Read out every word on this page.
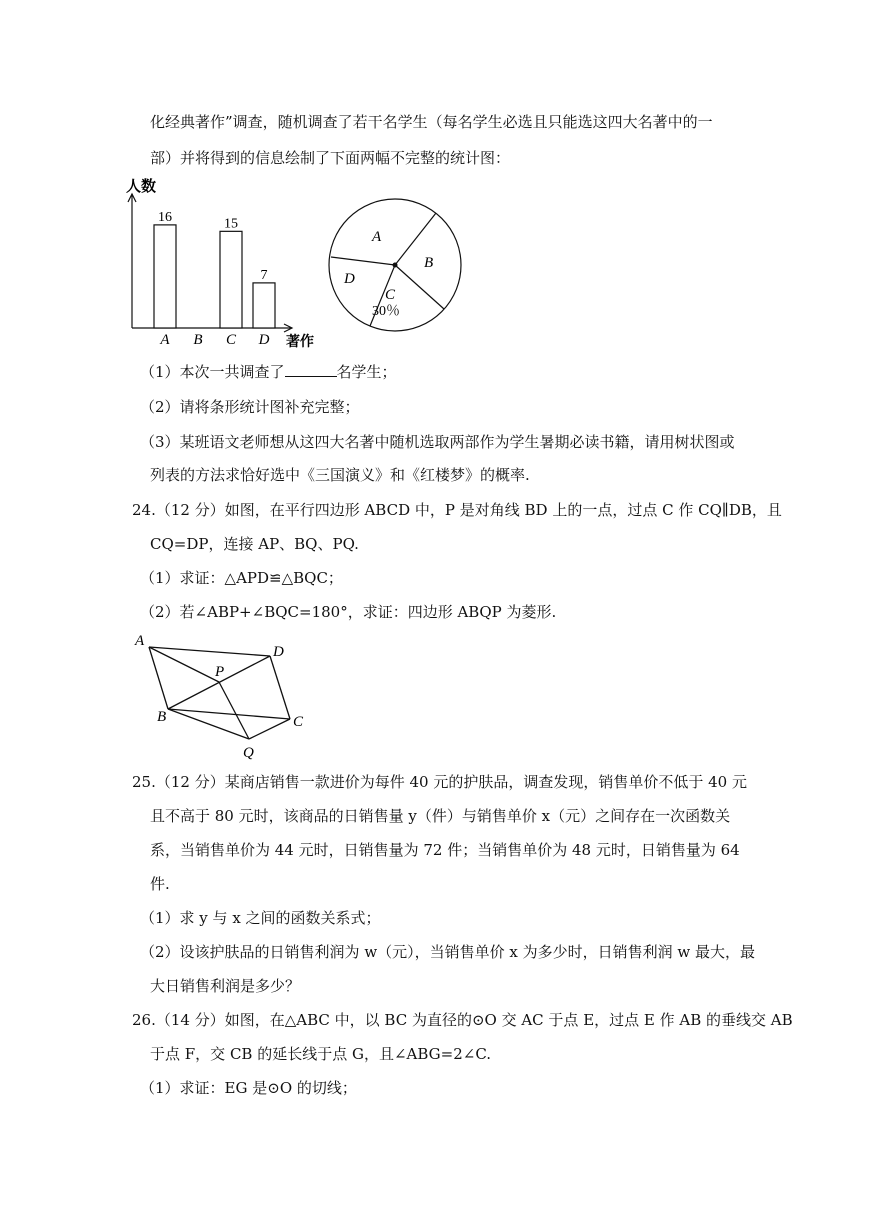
化经典著作”调查，随机调查了若干名学生（每名学生必选且只能选这四大名著中的一
部）并将得到的信息绘制了下面两幅不完整的统计图：
16
A B
15
C
7
D
人数
著作
A
B
C
30％
D
（1）本次一共调查了	名学生；
（2）请将条形统计图补充完整；
（3）某班语文老师想从这四大名著中随机选取两部作为学生暑期必读书籍，请用树状图或
列表的方法求恰好选中《三国演义》和《红楼梦》的概率.
24.（12 分）如图，在平行四边形 ABCD 中，P 是对角线 BD 上的一点，过点 C 作 CQ∥DB，且
CQ=DP，连接 AP、BQ、PQ.
（1）求证：△APD≌△BQC；
（2）若∠ABP+∠BQC=180°，求证：四边形 ABQP 为菱形.
A
D
P
B	C
Q
25.（12 分）某商店销售一款进价为每件 40 元的护肤品，调查发现，销售单价不低于 40 元
且不高于 80 元时，该商品的日销售量 y（件）与销售单价 x（元）之间存在一次函数关
系，当销售单价为 44 元时，日销售量为 72 件；当销售单价为 48 元时，日销售量为 64
件.
（1）求 y 与 x 之间的函数关系式；
（2）设该护肤品的日销售利润为 w（元），当销售单价 x 为多少时，日销售利润 w 最大，最
大日销售利润是多少？
26.（14 分）如图，在△ABC 中，以 BC 为直径的⊙O 交 AC 于点 E，过点 E 作 AB 的垂线交 AB
于点 F，交 CB 的延长线于点 G，且∠ABG=2∠C.
（1）求证：EG 是⊙O 的切线；
